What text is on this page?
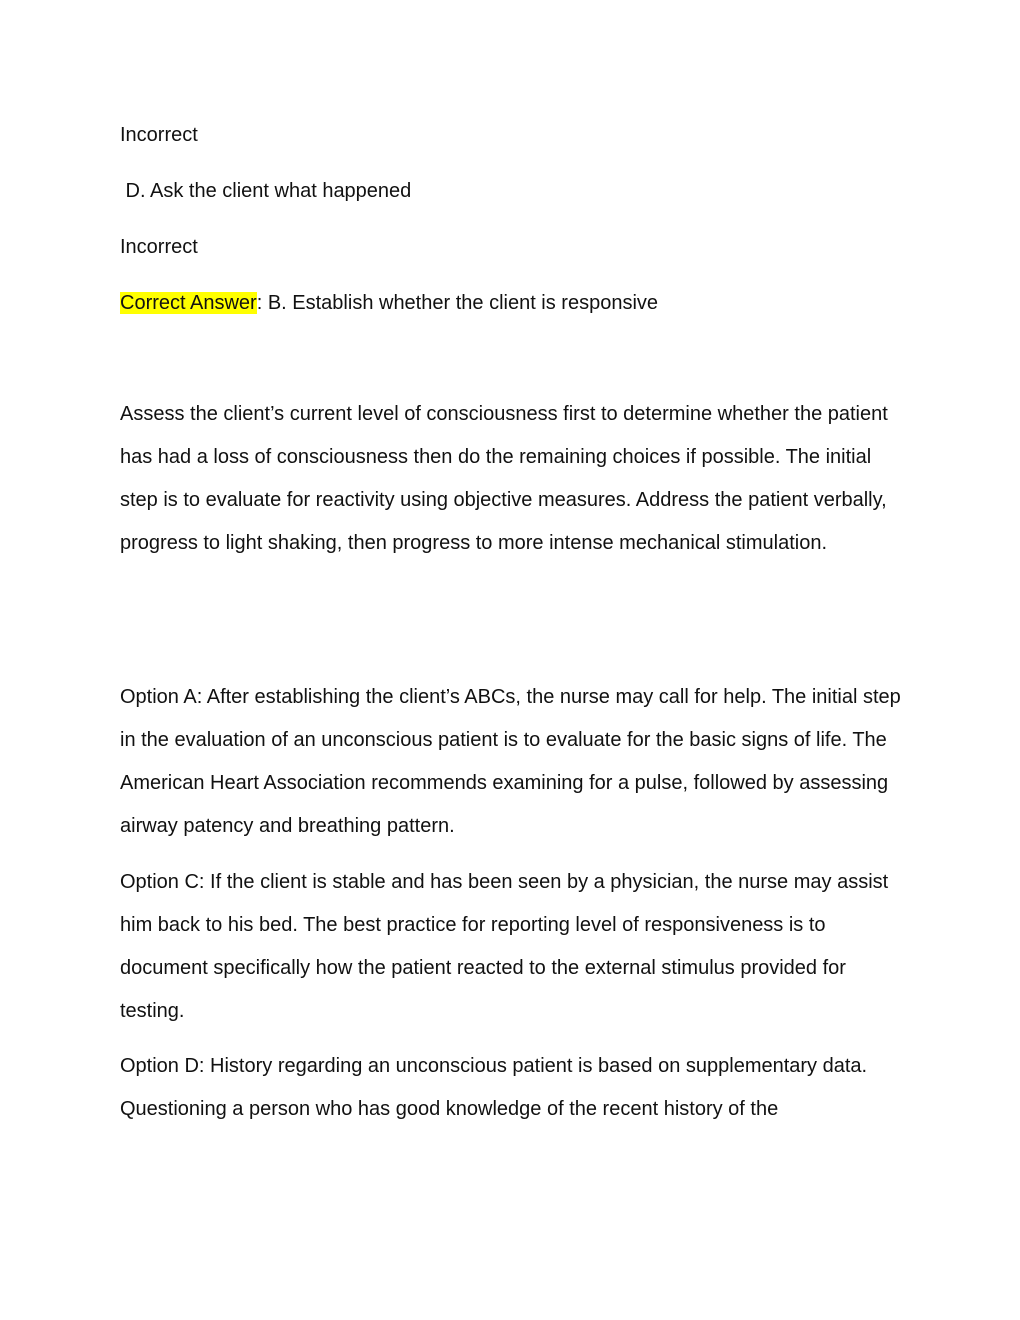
Incorrect
D. Ask the client what happened
Incorrect
Correct Answer: B. Establish whether the client is responsive
Assess the client’s current level of consciousness first to determine whether the patient has had a loss of consciousness then do the remaining choices if possible. The initial step is to evaluate for reactivity using objective measures. Address the patient verbally, progress to light shaking, then progress to more intense mechanical stimulation.
Option A: After establishing the client’s ABCs, the nurse may call for help. The initial step in the evaluation of an unconscious patient is to evaluate for the basic signs of life. The American Heart Association recommends examining for a pulse, followed by assessing airway patency and breathing pattern.
Option C: If the client is stable and has been seen by a physician, the nurse may assist him back to his bed. The best practice for reporting level of responsiveness is to document specifically how the patient reacted to the external stimulus provided for testing.
Option D: History regarding an unconscious patient is based on supplementary data. Questioning a person who has good knowledge of the recent history of the
